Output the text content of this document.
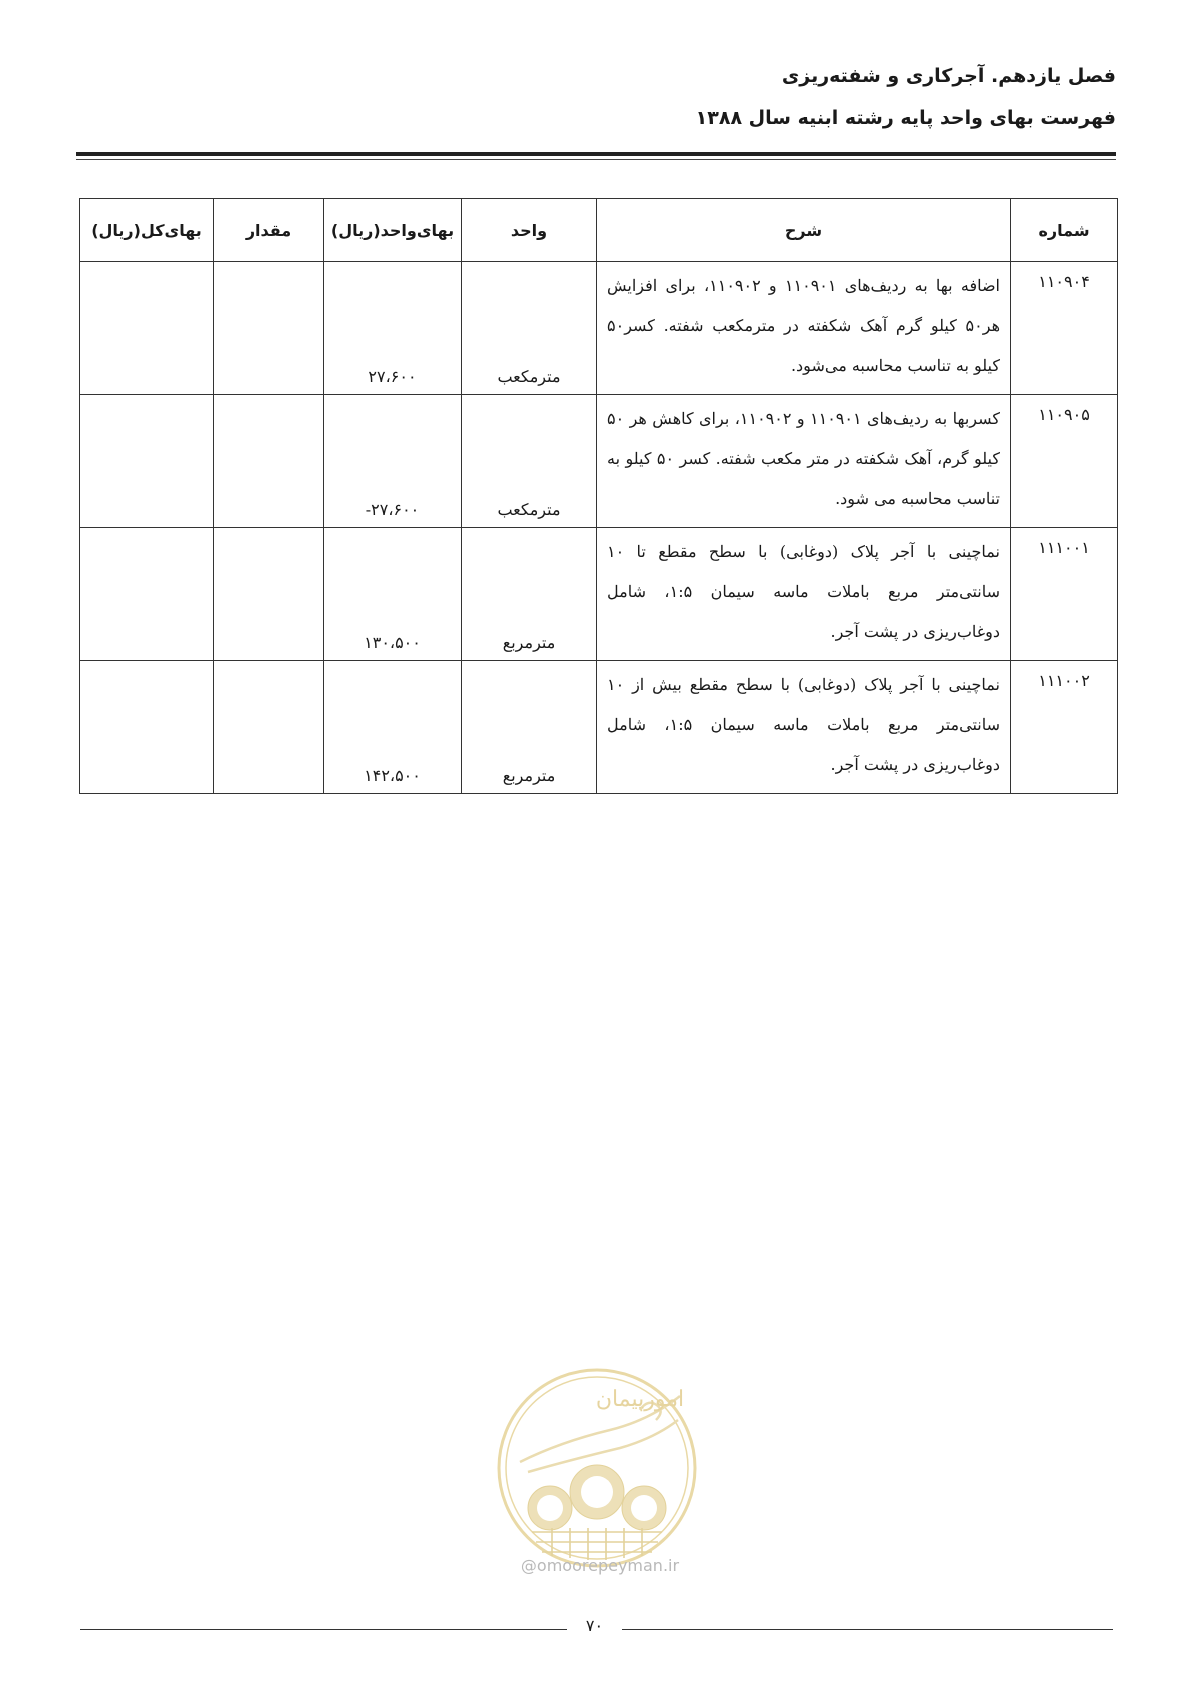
فصل یازدهم. آجرکاری و شفته‌ریزی
فهرست بهای واحد پایه رشته ابنیه سال ۱۳۸۸
شماره	شرح	واحد	بهای‌واحد(ریال)	مقدار	بهای‌کل(ریال)
۱۱۰۹۰۴	اضافه بها به ردیف‌های ۱۱۰۹۰۱ و ۱۱۰۹۰۲، برای افزایش هر۵۰ کیلو گرم آهک شکفته در مترمکعب شفته. کسر۵۰ کیلو به تناسب محاسبه می‌شود.	مترمکعب	۲۷،۶۰۰		
۱۱۰۹۰۵	کسربها به ردیف‌های ۱۱۰۹۰۱ و ۱۱۰۹۰۲، برای کاهش هر ۵۰ کیلو گرم، آهک شکفته در متر مکعب شفته. کسر ۵۰ کیلو به تناسب محاسبه می شود.	مترمکعب	-۲۷،۶۰۰		
۱۱۱۰۰۱	نماچینی با آجر پلاک (دوغابی) با سطح مقطع تا ۱۰ سانتی‌متر مربع باملات ماسه سیمان ۱:۵، شامل دوغاب‌ریزی در پشت آجر.	مترمربع	۱۳۰،۵۰۰		
۱۱۱۰۰۲	نماچینی با آجر پلاک (دوغابی) با سطح مقطع بیش از ۱۰ سانتی‌متر مربع باملات ماسه سیمان ۱:۵، شامل دوغاب‌ریزی در پشت آجر.	مترمربع	۱۴۲،۵۰۰		
امورپیمان
@omoorepeyman.ir
۷۰
